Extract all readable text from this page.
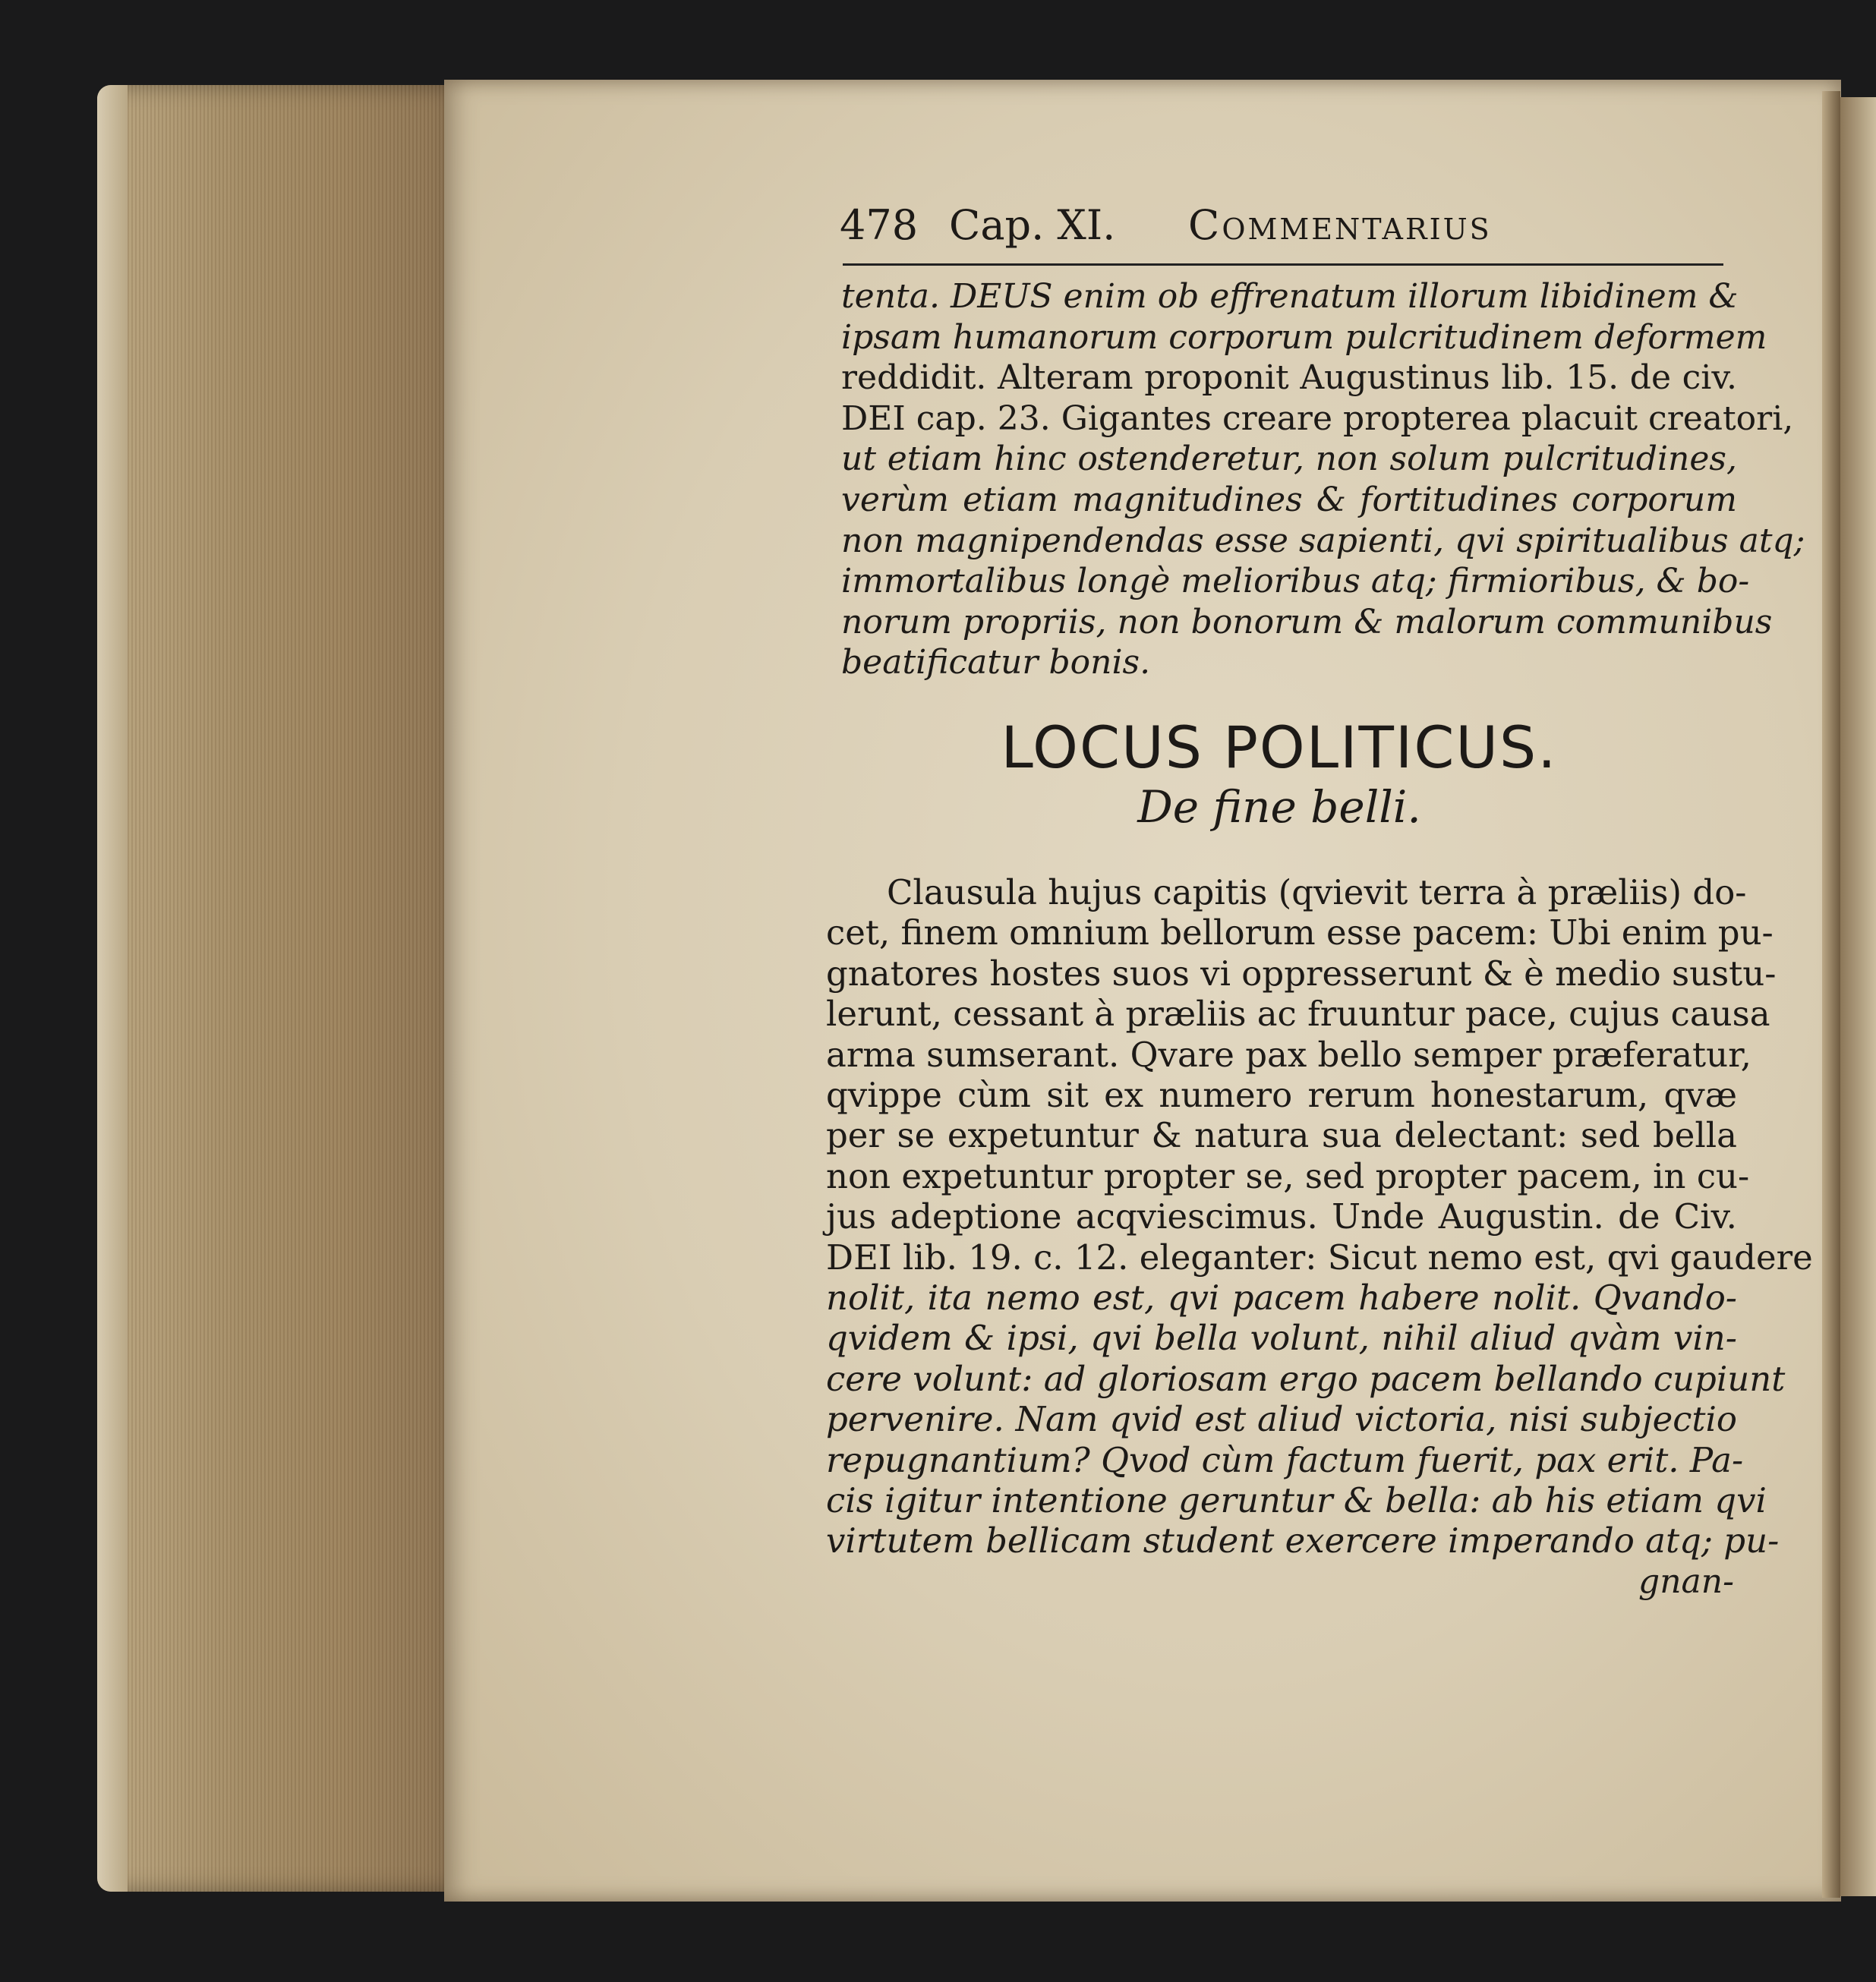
478 Cap. XI. Commentarius
tenta. DEUS enim ob effrenatum illorum libidinem &
ipsam humanorum corporum pulcritudinem deformem
reddidit. Alteram proponit Augustinus lib. 15. de civ.
DEI cap. 23. Gigantes creare propterea placuit creatori,
ut etiam hinc ostenderetur, non solum pulcritudines,
verùm etiam magnitudines & fortitudines corporum
non magnipendendas esse sapienti, qvi spiritualibus atq;
immortalibus longè melioribus atq; firmioribus, & bo-
norum propriis, non bonorum & malorum communibus
beatificatur bonis.
LOCUS POLITICUS.
De fine belli.
Clausula hujus capitis (qvievit terra à præliis) do-
cet, finem omnium bellorum esse pacem: Ubi enim pu-
gnatores hostes suos vi oppresserunt & è medio sustu-
lerunt, cessant à præliis ac fruuntur pace, cujus causa
arma sumserant. Qvare pax bello semper præferatur,
qvippe cùm sit ex numero rerum honestarum, qvæ
per se expetuntur & natura sua delectant: sed bella
non expetuntur propter se, sed propter pacem, in cu-
jus adeptione acqviescimus. Unde Augustin. de Civ.
DEI lib. 19. c. 12. eleganter: Sicut nemo est, qvi gaudere
nolit, ita nemo est, qvi pacem habere nolit. Qvando-
qvidem & ipsi, qvi bella volunt, nihil aliud qvàm vin-
cere volunt: ad gloriosam ergo pacem bellando cupiunt
pervenire. Nam qvid est aliud victoria, nisi subjectio
repugnantium? Qvod cùm factum fuerit, pax erit. Pa-
cis igitur intentione geruntur & bella: ab his etiam qvi
virtutem bellicam student exercere imperando atq; pu-
gnan-
